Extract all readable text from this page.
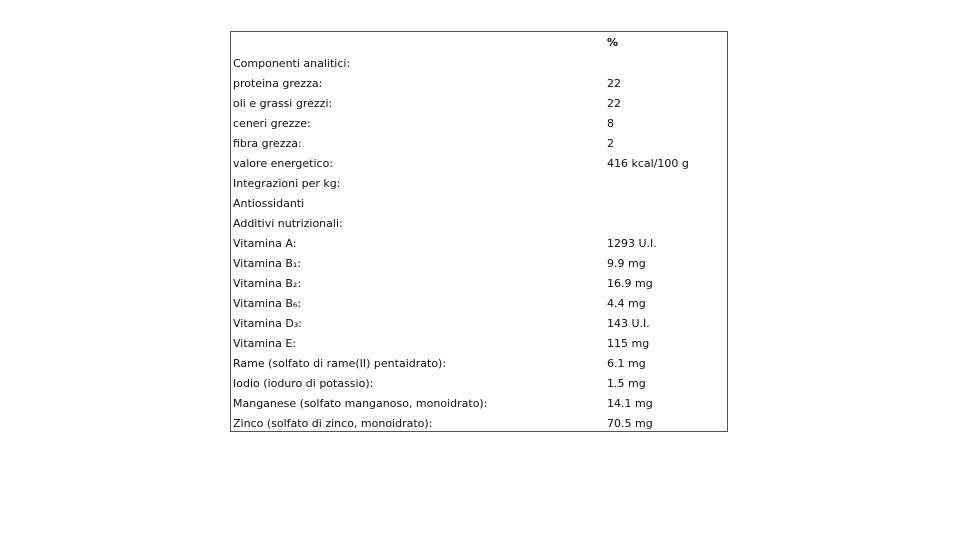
	%
Componenti analitici:	
proteina grezza:	22
oli e grassi grezzi:	22
ceneri grezze:	8
fibra grezza:	2
valore energetico:	416 kcal/100 g
Integrazioni per kg:	
Antiossidanti	
Additivi nutrizionali:	
Vitamina A:	1293 U.I.
Vitamina B₁:	9.9 mg
Vitamina B₂:	16.9 mg
Vitamina B₆:	4.4 mg
Vitamina D₃:	143 U.I.
Vitamina E:	115 mg
Rame (solfato di rame(II) pentaidrato):	6.1 mg
Iodio (ioduro di potassio):	1.5 mg
Manganese (solfato manganoso, monoidrato):	14.1 mg
Zinco (solfato di zinco, monoidrato):	70.5 mg
